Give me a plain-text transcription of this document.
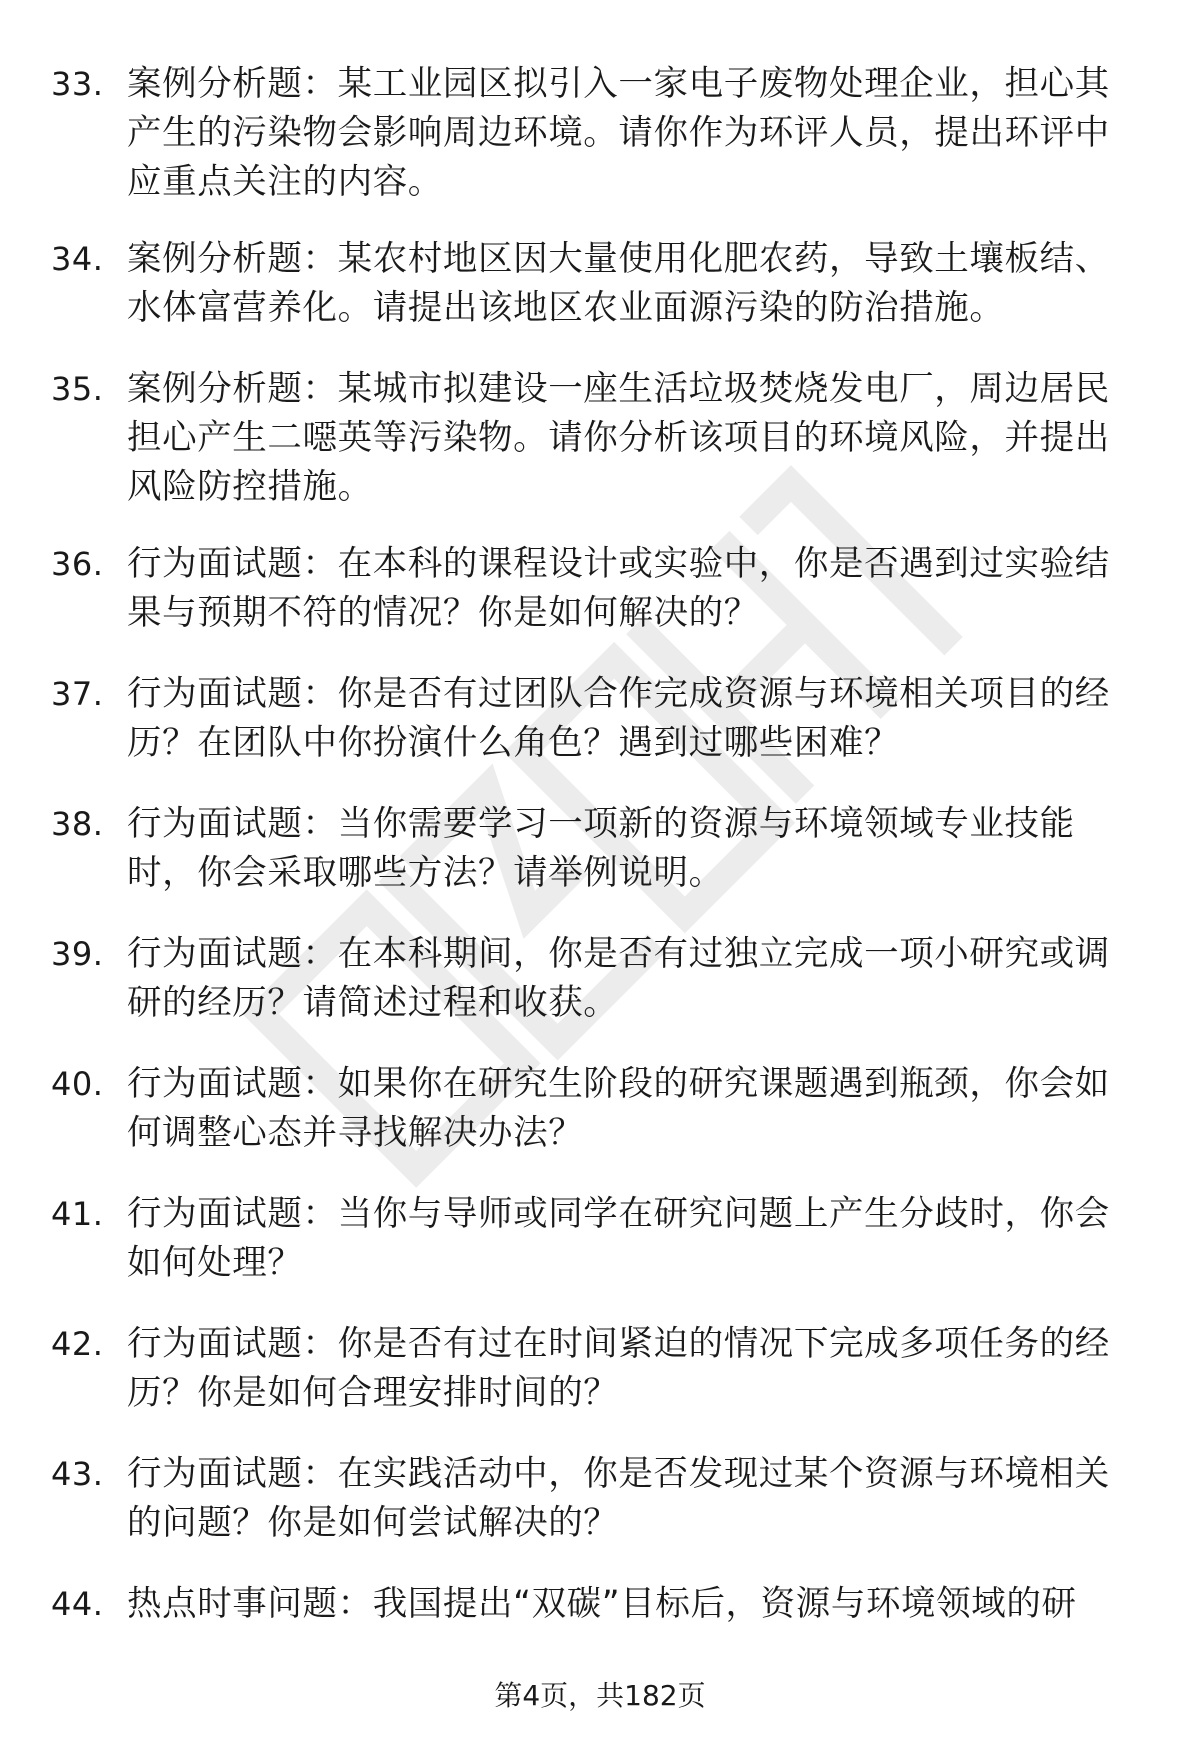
33. 案例分析题：某工业园区拟引入一家电子废物处理企业，担心其产生的污染物会影响周边环境。请你作为环评人员，提出环评中应重点关注的内容。
34. 案例分析题：某农村地区因大量使用化肥农药，导致土壤板结、水体富营养化。请提出该地区农业面源污染的防治措施。
35. 案例分析题：某城市拟建设一座生活垃圾焚烧发电厂，周边居民担心产生二噁英等污染物。请你分析该项目的环境风险，并提出风险防控措施。
36. 行为面试题：在本科的课程设计或实验中，你是否遇到过实验结果与预期不符的情况？你是如何解决的？
37. 行为面试题：你是否有过团队合作完成资源与环境相关项目的经历？在团队中你扮演什么角色？遇到过哪些困难？
38. 行为面试题：当你需要学习一项新的资源与环境领域专业技能时，你会采取哪些方法？请举例说明。
39. 行为面试题：在本科期间，你是否有过独立完成一项小研究或调研的经历？请简述过程和收获。
40. 行为面试题：如果你在研究生阶段的研究课题遇到瓶颈，你会如何调整心态并寻找解决办法？
41. 行为面试题：当你与导师或同学在研究问题上产生分歧时，你会如何处理？
42. 行为面试题：你是否有过在时间紧迫的情况下完成多项任务的经历？你是如何合理安排时间的？
43. 行为面试题：在实践活动中，你是否发现过某个资源与环境相关的问题？你是如何尝试解决的？
44. 热点时事问题：我国提出“双碳”目标后，资源与环境领域的研
第4页，共182页
